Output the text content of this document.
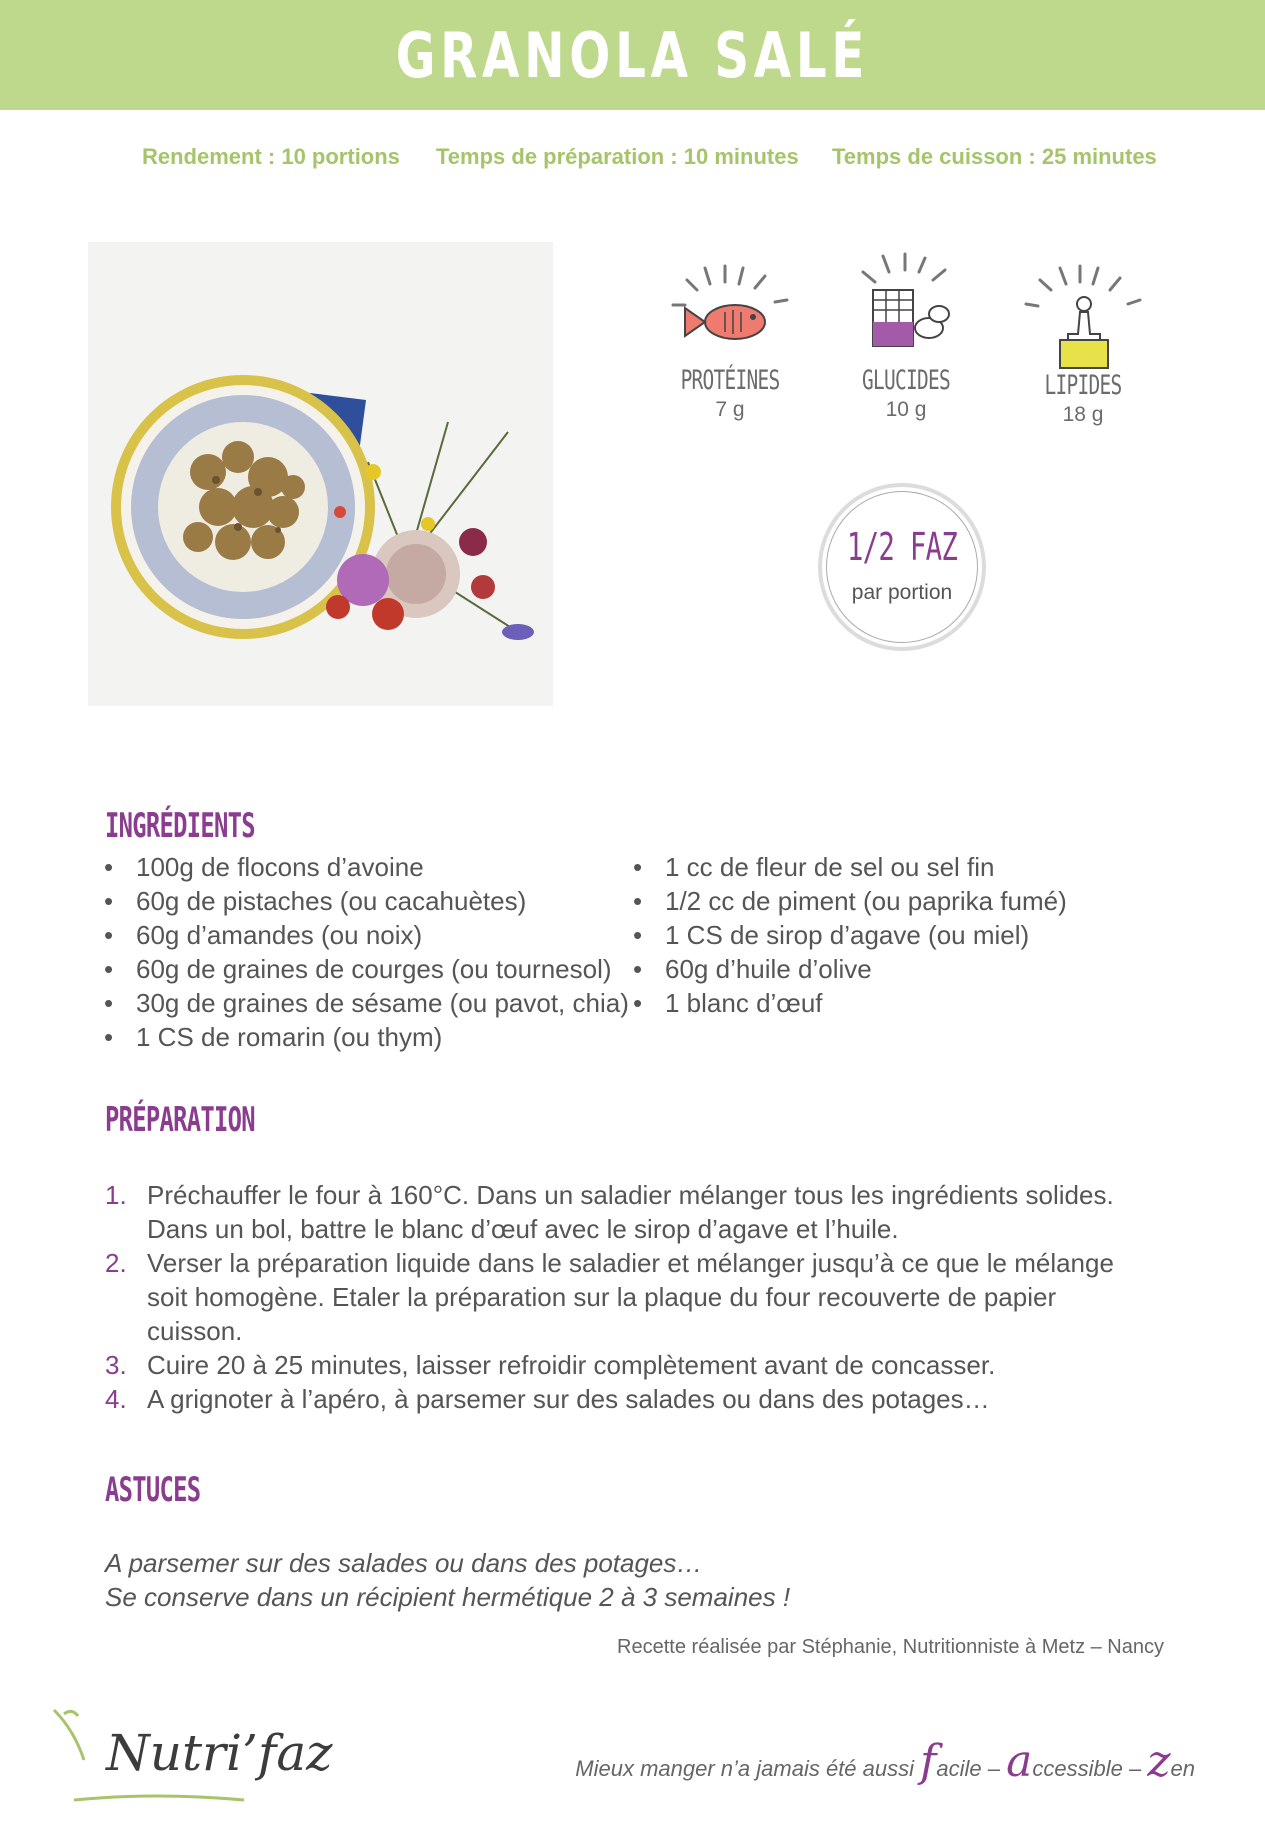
GRANOLA SALÉ
Rendement : 10 portions Temps de préparation : 10 minutes Temps de cuisson : 25 minutes
PROTÉINES
7 g
GLUCIDES
10 g
LIPIDES
18 g
1/2 FAZ
par portion
INGRÉDIENTS
• 100g de flocons d’avoine
• 60g de pistaches (ou cacahuètes)
• 60g d’amandes (ou noix)
• 60g de graines de courges (ou tournesol)
• 30g de graines de sésame (ou pavot, chia)
• 1 CS de romarin (ou thym)
• 1 cc de fleur de sel ou sel fin
• 1/2 cc de piment (ou paprika fumé)
• 1 CS de sirop d’agave (ou miel)
• 60g d’huile d’olive
• 1 blanc d’œuf
PRÉPARATION
1. Préchauffer le four à 160°C. Dans un saladier mélanger tous les ingrédients solides. Dans un bol, battre le blanc d’œuf avec le sirop d’agave et l’huile.
2. Verser la préparation liquide dans le saladier et mélanger jusqu’à ce que le mélange soit homogène. Etaler la préparation sur la plaque du four recouverte de papier cuisson.
3. Cuire 20 à 25 minutes, laisser refroidir complètement avant de concasser.
4. A grignoter à l’apéro, à parsemer sur des salades ou dans des potages…
ASTUCES
A parsemer sur des salades ou dans des potages…
Se conserve dans un récipient hermétique 2 à 3 semaines !
Recette réalisée par Stéphanie, Nutritionniste à Metz – Nancy
Nutri’faz	Mieux manger n’a jamais été aussi facile – accessible – zen
